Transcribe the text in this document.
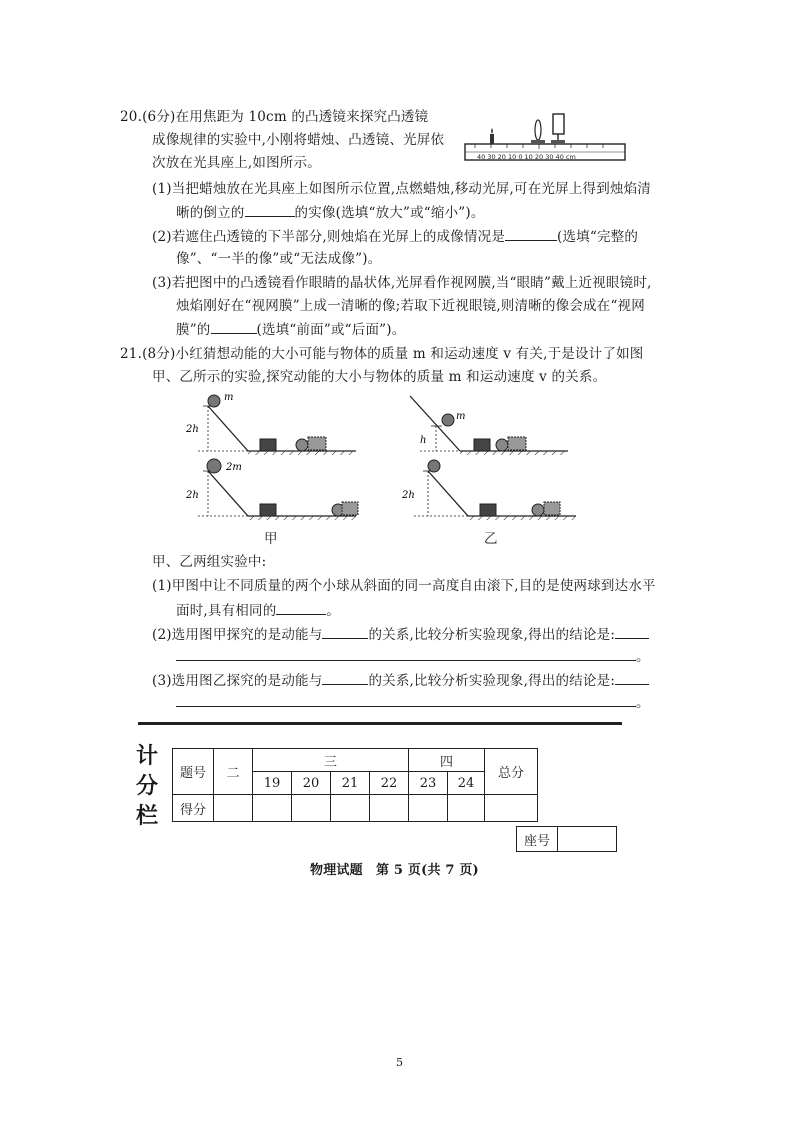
20.(6分)在用焦距为 10cm 的凸透镜来探究凸透镜
成像规律的实验中,小刚将蜡烛、凸透镜、光屏依
次放在光具座上,如图所示。	40 30 20 10 0 10 20 30 40 cm
(1)当把蜡烛放在光具座上如图所示位置,点燃蜡烛,移动光屏,可在光屏上得到烛焰清
晰的倒立的	的实像(选填“放大”或“缩小”)。
(2)若遮住凸透镜的下半部分,则烛焰在光屏上的成像情况是	(选填“完整的
像”、“一半的像”或“无法成像”)。
(3)若把图中的凸透镜看作眼睛的晶状体,光屏看作视网膜,当“眼睛”戴上近视眼镜时,
烛焰刚好在“视网膜”上成一清晰的像;若取下近视眼镜,则清晰的像会成在“视网
膜”的	(选填“前面”或“后面”)。
21.(8分)小红猜想动能的大小可能与物体的质量 m 和运动速度 v 有关,于是设计了如图
甲、乙所示的实验,探究动能的大小与物体的质量 m 和运动速度 v 的关系。
m
2h
2m
2h
m
h
2h
甲	乙
甲、乙两组实验中:
(1)甲图中让不同质量的两个小球从斜面的同一高度自由滚下,目的是使两球到达水平
面时,具有相同的	。
(2)选用图甲探究的是动能与	的关系,比较分析实验现象,得出的结论是:
。
(3)选用图乙探究的是动能与	的关系,比较分析实验现象,得出的结论是:
。
计
分
栏
题号	二	三				四		总分
		19	20	21	22	23	24	
得分								
座号	
物理试题　第 5 页(共 7 页)
5
